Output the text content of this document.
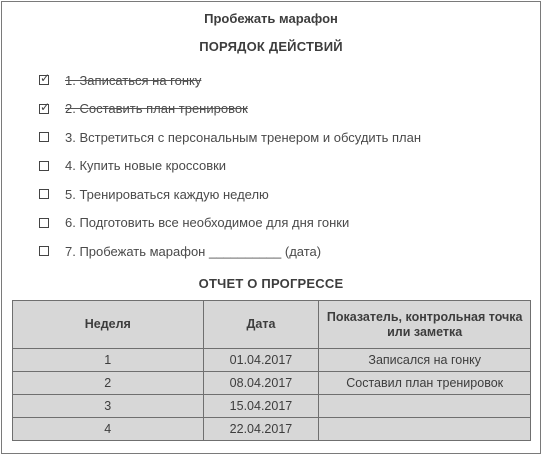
Пробежать марафон
ПОРЯДОК ДЕЙСТВИЙ
✓ 1. Записаться на гонку
✓ 2. Составить план тренировок
3. Встретиться с персональным тренером и обсудить план
4. Купить новые кроссовки
5. Тренироваться каждую неделю
6. Подготовить все необходимое для дня гонки
7. Пробежать марафон __________ (дата)
ОТЧЕТ О ПРОГРЕССЕ
Неделя	Дата	Показатель, контрольная точка или заметка
1	01.04.2017	Записался на гонку
2	08.04.2017	Составил план тренировок
3	15.04.2017	
4	22.04.2017	
